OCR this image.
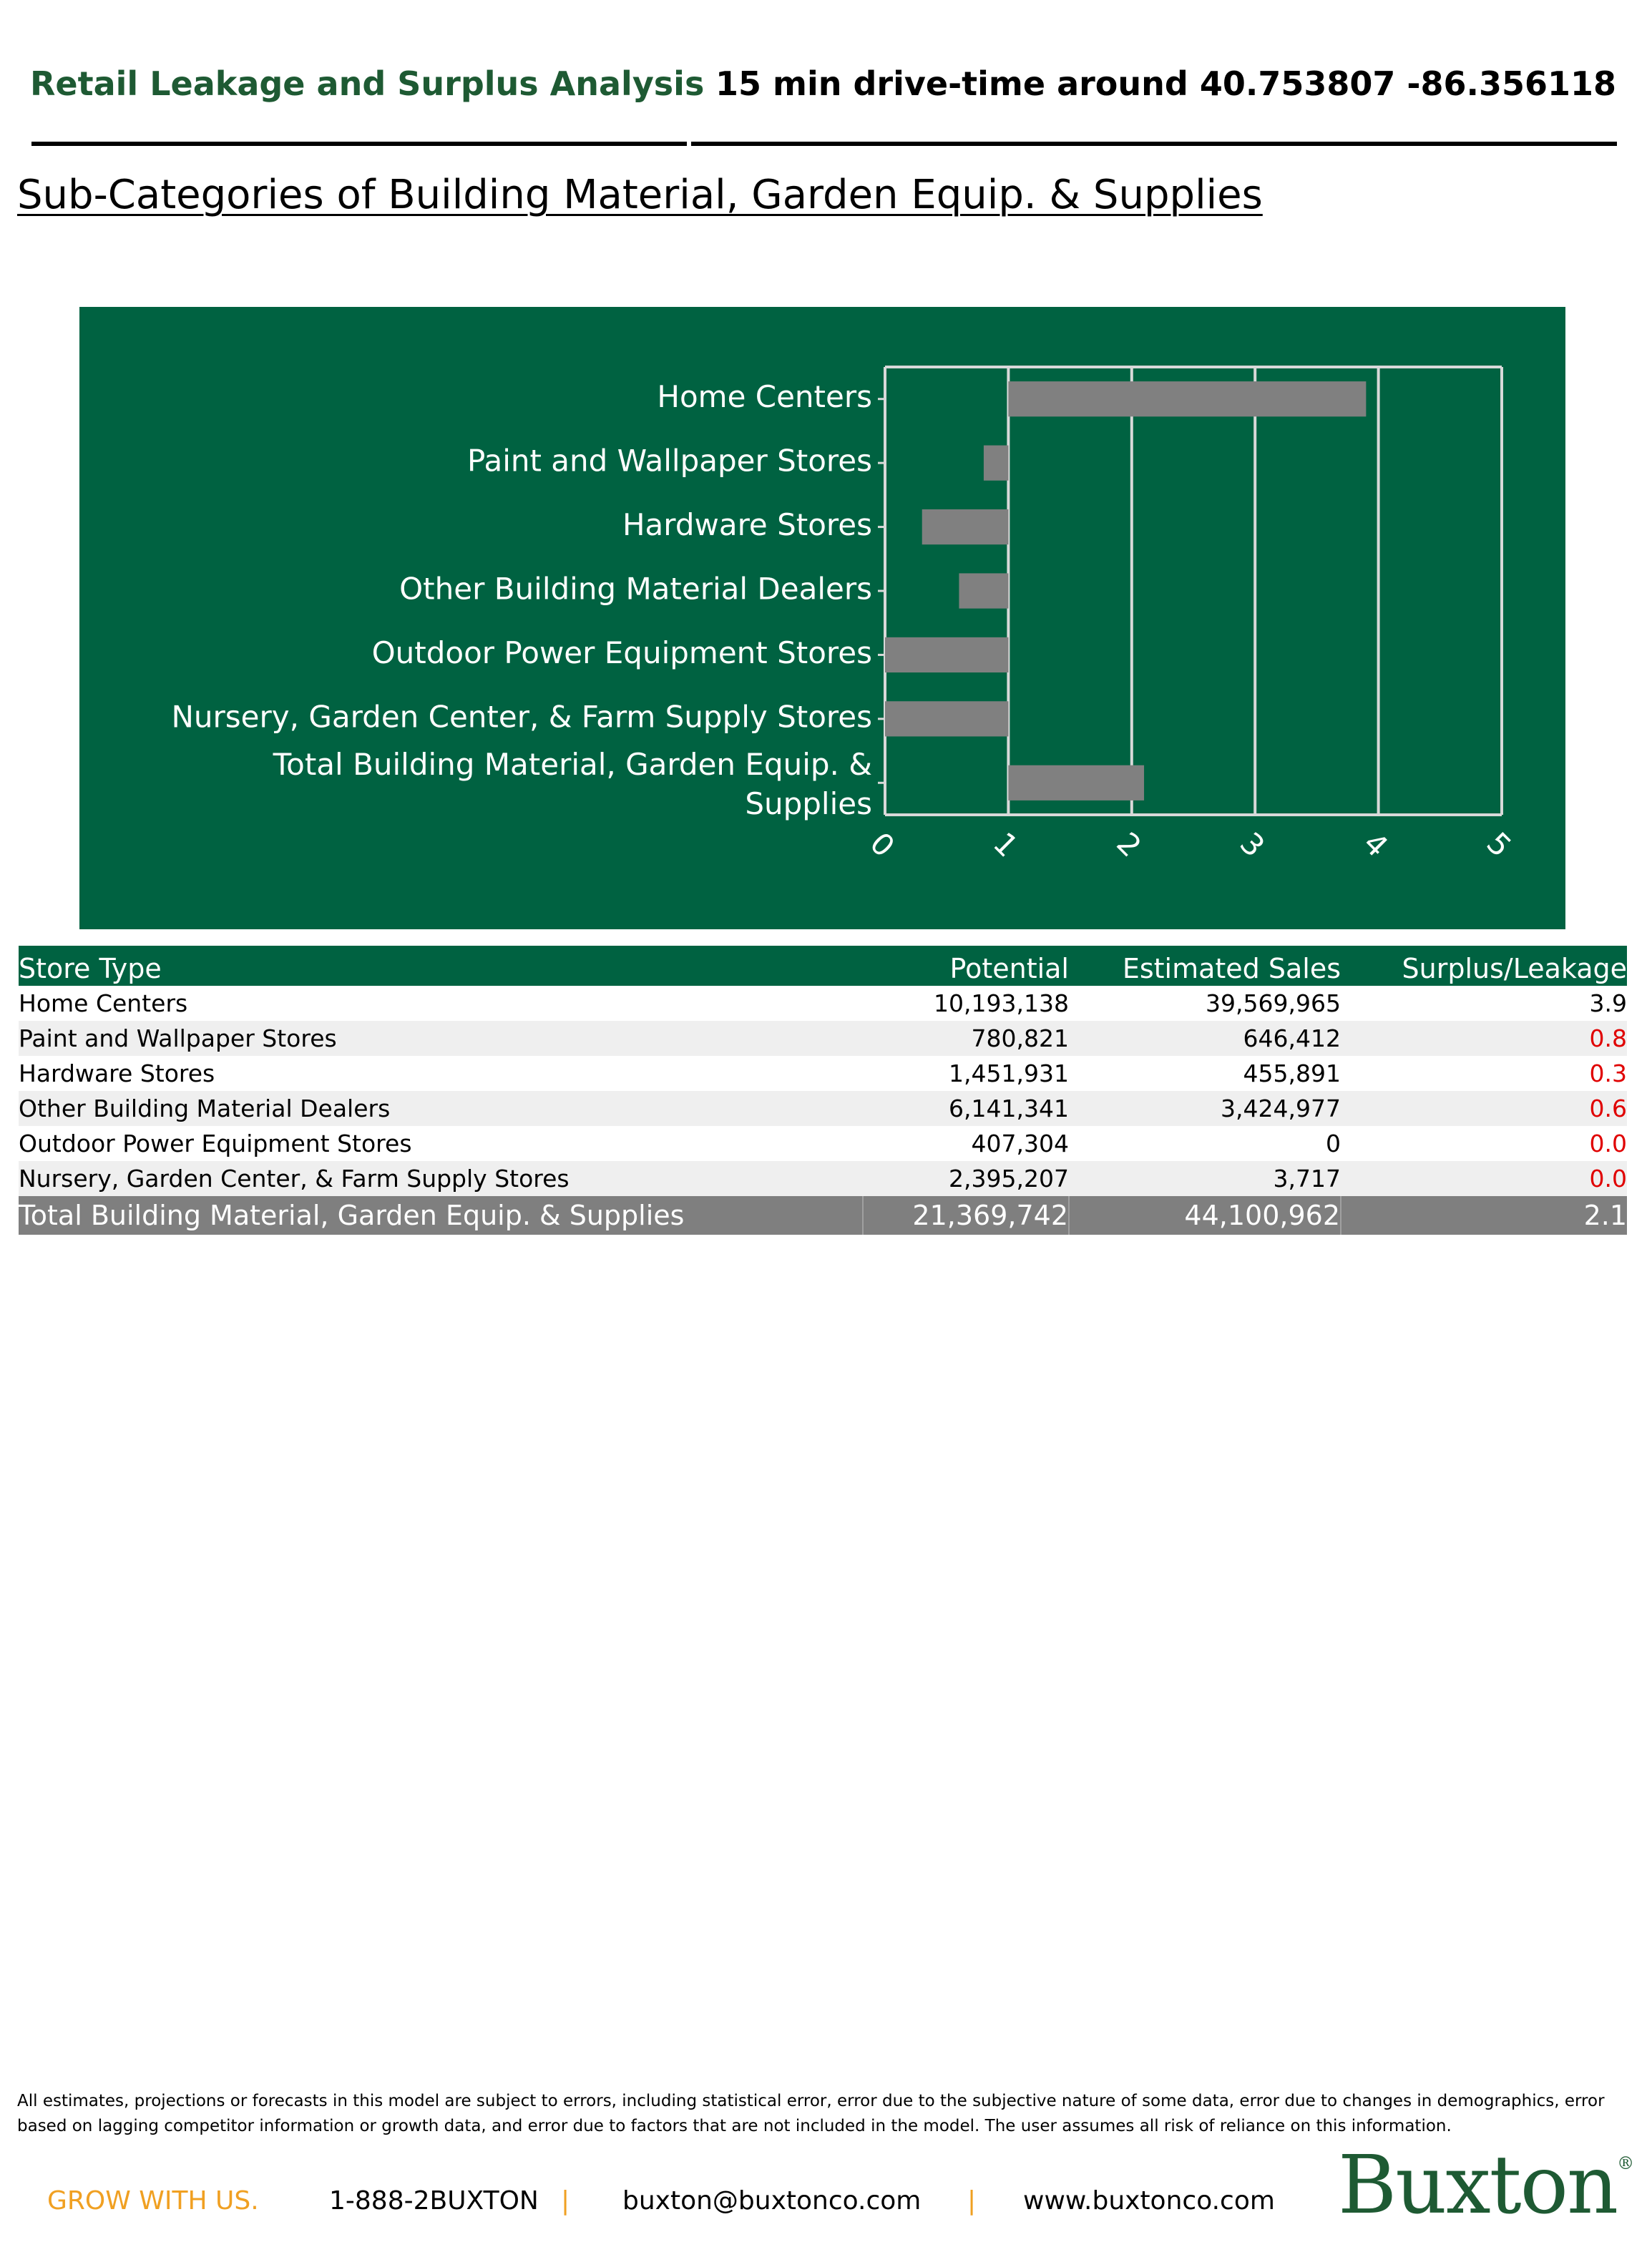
Retail Leakage and Surplus Analysis 15 min drive-time around 40.753807 -86.356118
Sub-Categories of Building Material, Garden Equip. & Supplies
Home Centers
Paint and Wallpaper Stores
Hardware Stores
Other Building Material Dealers
Outdoor Power Equipment Stores
Nursery, Garden Center, & Farm Supply Stores
Total Building Material, Garden Equip. & Supplies
0	1	2	3	4	5
Store Type	Potential	Estimated Sales	Surplus/Leakage
Home Centers	10,193,138	39,569,965	3.9
Paint and Wallpaper Stores	780,821	646,412	0.8
Hardware Stores	1,451,931	455,891	0.3
Other Building Material Dealers	6,141,341	3,424,977	0.6
Outdoor Power Equipment Stores	407,304	0	0.0
Nursery, Garden Center, & Farm Supply Stores	2,395,207	3,717	0.0
Total Building Material, Garden Equip. & Supplies	21,369,742	44,100,962	2.1
All estimates, projections or forecasts in this model are subject to errors, including statistical error, error due to the subjective nature of some data, error due to changes in demographics, error based on lagging competitor information or growth data, and error due to factors that are not included in the model. The user assumes all risk of reliance on this information.
GROW WITH US.	1-888-2BUXTON | buxton@buxtonco.com | www.buxtonco.com Buxton®
